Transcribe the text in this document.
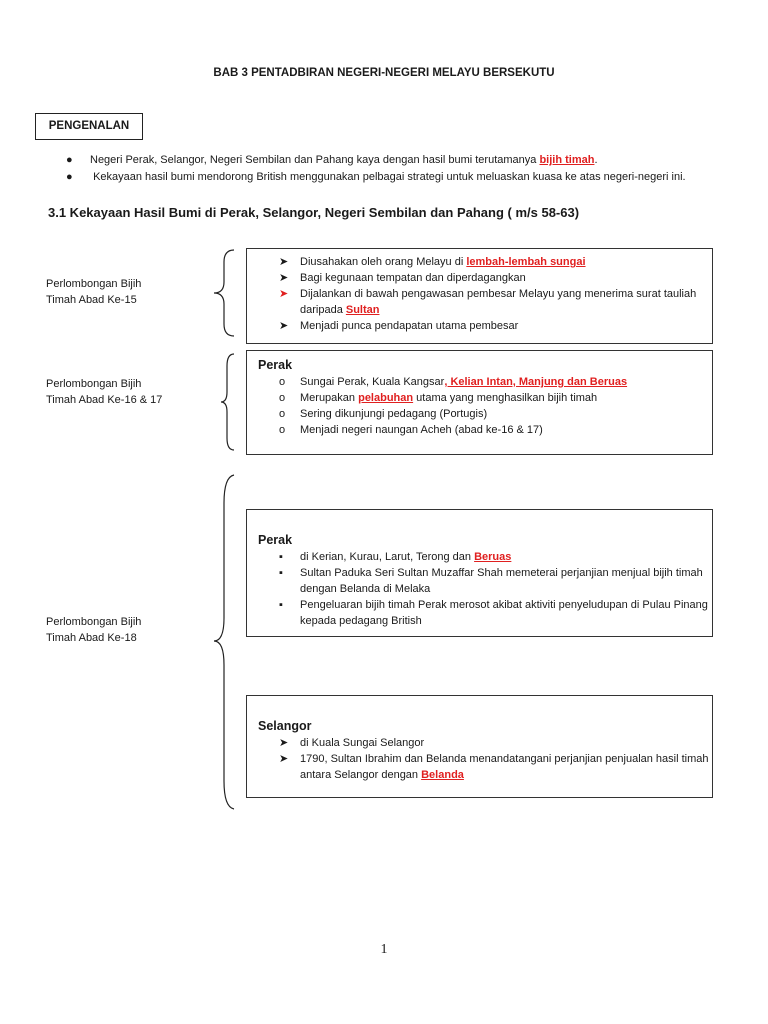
BAB 3 PENTADBIRAN NEGERI-NEGERI MELAYU BERSEKUTU
PENGENALAN
● Negeri Perak, Selangor, Negeri Sembilan dan Pahang kaya dengan hasil bumi terutamanya bijih timah.
● Kekayaan hasil bumi mendorong British menggunakan pelbagai strategi untuk meluaskan kuasa ke atas negeri-negeri ini.
3.1 Kekayaan Hasil Bumi di Perak, Selangor, Negeri Sembilan dan Pahang ( m/s 58-63)
Perlombongan Bijih
Timah Abad Ke-15
Perlombongan Bijih
Timah Abad Ke-16 & 17
Perlombongan Bijih
Timah Abad Ke-18
➤ Diusahakan oleh orang Melayu di lembah-lembah sungai
➤ Bagi kegunaan tempatan dan diperdagangkan
➤ Dijalankan di bawah pengawasan pembesar Melayu yang menerima surat tauliah daripada Sultan
➤ Menjadi punca pendapatan utama pembesar
Perak
o Sungai Perak, Kuala Kangsar, Kelian Intan, Manjung dan Beruas
o Merupakan pelabuhan utama yang menghasilkan bijih timah
o Sering dikunjungi pedagang (Portugis)
o Menjadi negeri naungan Acheh (abad ke-16 & 17)
Perak
▪ di Kerian, Kurau, Larut, Terong dan Beruas
▪ Sultan Paduka Seri Sultan Muzaffar Shah memeterai perjanjian menjual bijih timah dengan Belanda di Melaka
▪ Pengeluaran bijih timah Perak merosot akibat aktiviti penyeludupan di Pulau Pinang kepada pedagang British
Selangor
➤ di Kuala Sungai Selangor
➤ 1790, Sultan Ibrahim dan Belanda menandatangani perjanjian penjualan hasil timah antara Selangor dengan Belanda
1
